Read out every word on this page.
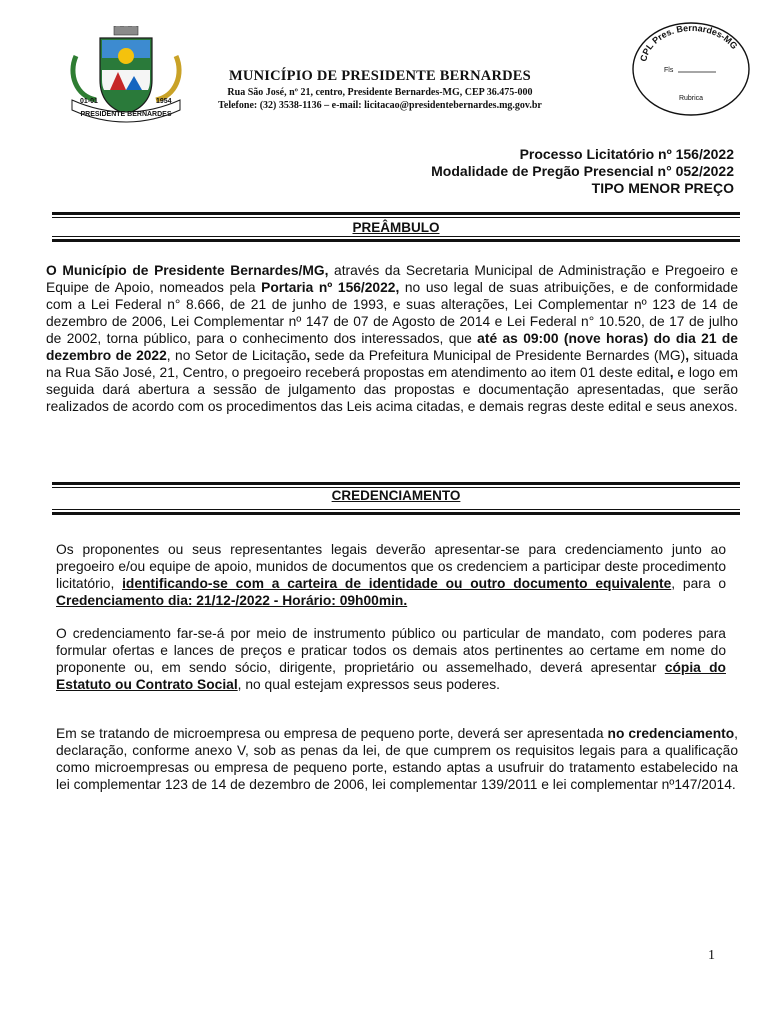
01-01	1954
PRESIDENTE BERNARDES
MUNICÍPIO DE PRESIDENTE BERNARDES
Rua São José, nº 21, centro, Presidente Bernardes-MG, CEP 36.475-000
Telefone: (32) 3538-1136 – e-mail: licitacao@presidentebernardes.mg.gov.br
CPL Pres. Bernardes-MG
Fls
Rubrica
Processo Licitatório nº 156/2022
Modalidade de Pregão Presencial n° 052/2022
TIPO MENOR PREÇO
PREÂMBULO
O Município de Presidente Bernardes/MG, através da Secretaria Municipal de Administração e Pregoeiro e Equipe de Apoio, nomeados pela Portaria nº 156/2022, no uso legal de suas atribuições, e de conformidade com a Lei Federal n° 8.666, de 21 de junho de 1993, e suas alterações, Lei Complementar nº 123 de 14 de dezembro de 2006, Lei Complementar nº 147 de 07 de Agosto de 2014 e Lei Federal n° 10.520, de 17 de julho de 2002, torna público, para o conhecimento dos interessados, que até as 09:00 (nove horas) do dia 21 de dezembro de 2022, no Setor de Licitação, sede da Prefeitura Municipal de Presidente Bernardes (MG), situada na Rua São José, 21, Centro, o pregoeiro receberá propostas em atendimento ao item 01 deste edital, e logo em seguida dará abertura a sessão de julgamento das propostas e documentação apresentadas, que serão realizados de acordo com os procedimentos das Leis acima citadas, e demais regras deste edital e seus anexos.
CREDENCIAMENTO
Os proponentes ou seus representantes legais deverão apresentar-se para credenciamento junto ao pregoeiro e/ou equipe de apoio, munidos de documentos que os credenciem a participar deste procedimento licitatório, identificando-se com a carteira de identidade ou outro documento equivalente, para o Credenciamento dia: 21/12-/2022 - Horário: 09h00min.
O credenciamento far-se-á por meio de instrumento público ou particular de mandato, com poderes para formular ofertas e lances de preços e praticar todos os demais atos pertinentes ao certame em nome do proponente ou, em sendo sócio, dirigente, proprietário ou assemelhado, deverá apresentar cópia do Estatuto ou Contrato Social, no qual estejam expressos seus poderes.
Em se tratando de microempresa ou empresa de pequeno porte, deverá ser apresentada no credenciamento, declaração, conforme anexo V, sob as penas da lei, de que cumprem os requisitos legais para a qualificação como microempresas ou empresa de pequeno porte, estando aptas a usufruir do tratamento estabelecido na lei complementar 123 de 14 de dezembro de 2006, lei complementar 139/2011 e lei complementar nº147/2014.
1
